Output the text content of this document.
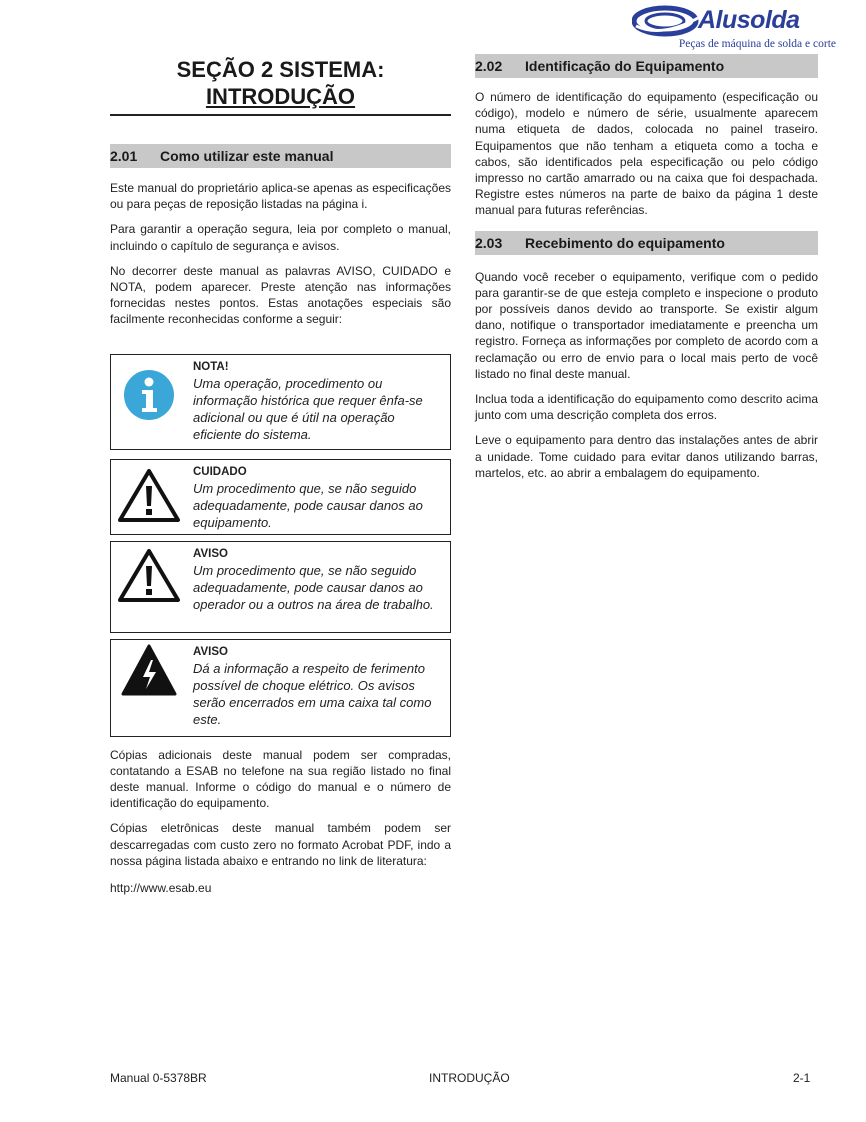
Alusolda
Peças de máquina de solda e corte
SEÇÃO 2 SISTEMA:
INTRODUÇÃO
2.01 Como utilizar este manual

Este manual do proprietário aplica-se apenas as especificações ou para peças de reposição listadas na página i.

Para garantir a operação segura, leia por completo o manual, incluindo o capítulo de segurança e avisos.

No decorrer deste manual as palavras AVISO, CUIDADO e NOTA, podem aparecer. Preste atenção nas informações fornecidas nestes pontos. Estas anotações especiais são facilmente reconhecidas conforme a seguir:

NOTA!
Uma operação, procedimento ou informação histórica que requer ênfa-se adicional ou que é útil na operação eficiente do sistema.
CUIDADO
Um procedimento que, se não seguido adequadamente, pode causar danos ao equipamento.
AVISO
Um procedimento que, se não seguido adequadamente, pode causar danos ao operador ou a outros na área de trabalho.
AVISO
Dá a informação a respeito de ferimento possível de choque elétrico. Os avisos serão encerrados em uma caixa tal como este.

Cópias adicionais deste manual podem ser compradas, contatando a ESAB no telefone na sua região listado no final deste manual. Informe o código do manual e o número de identificação do equipamento.

Cópias eletrônicas deste manual também podem ser descarregadas com custo zero no formato Acrobat PDF, indo a nossa página listada abaixo e entrando no link de literatura:

http://www.esab.eu

2.02 Identificação do Equipamento

O número de identificação do equipamento (especificação ou código), modelo e número de série, usualmente aparecem numa etiqueta de dados, colocada no painel traseiro. Equipamentos que não tenham a etiqueta como a tocha e cabos, são identificados pela especificação ou pelo código impresso no cartão amarrado ou na caixa que foi despachada. Registre estes números na parte de baixo da página 1 deste manual para futuras referências.

2.03 Recebimento do equipamento

Quando você receber o equipamento, verifique com o pedido para garantir-se de que esteja completo e inspecione o produto por possíveis danos devido ao transporte. Se existir algum dano, notifique o transportador imediatamente e preencha um registro. Forneça as informações por completo de acordo com a reclamação ou erro de envio para o local mais perto de você listado no final deste manual.

Inclua toda a identificação do equipamento como descrito acima junto com uma descrição completa dos erros.

Leve o equipamento para dentro das instalações antes de abrir a unidade. Tome cuidado para evitar danos utilizando barras, martelos, etc. ao abrir a embalagem do equipamento.

Manual 0-5378BR	INTRODUÇÃO	2-1
